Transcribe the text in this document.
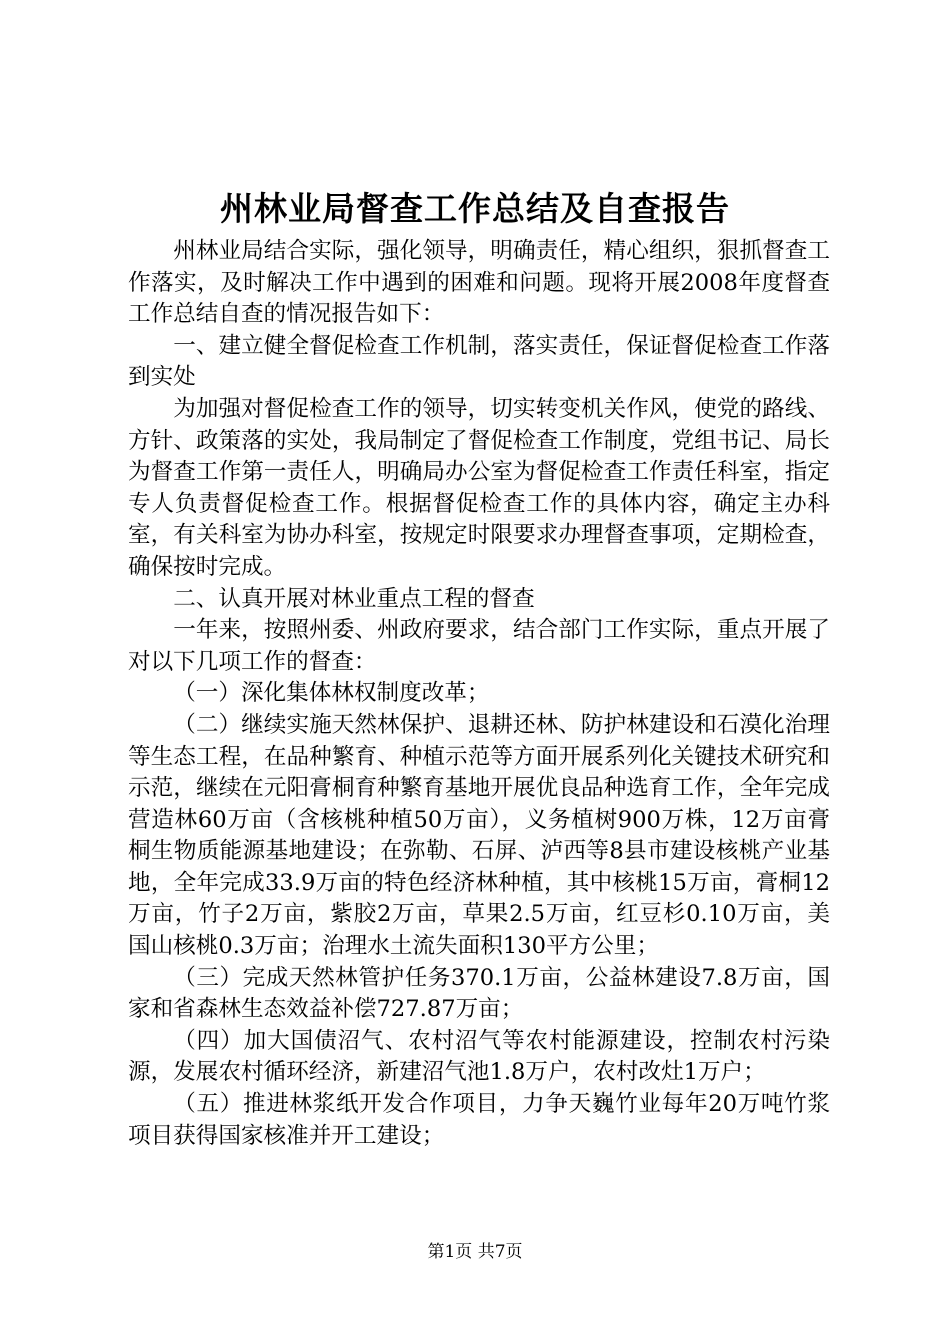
州林业局督查工作总结及自查报告

州林业局结合实际，强化领导，明确责任，精心组织，狠抓督查工作落实，及时解决工作中遇到的困难和问题。现将开展2008年度督查工作总结自查的情况报告如下：

一、建立健全督促检查工作机制，落实责任，保证督促检查工作落到实处

为加强对督促检查工作的领导，切实转变机关作风，使党的路线、方针、政策落的实处，我局制定了督促检查工作制度，党组书记、局长为督查工作第一责任人，明确局办公室为督促检查工作责任科室，指定专人负责督促检查工作。根据督促检查工作的具体内容，确定主办科室，有关科室为协办科室，按规定时限要求办理督查事项，定期检查，确保按时完成。

二、认真开展对林业重点工程的督查

一年来，按照州委、州政府要求，结合部门工作实际，重点开展了对以下几项工作的督查：

（一）深化集体林权制度改革；

（二）继续实施天然林保护、退耕还林、防护林建设和石漠化治理等生态工程，在品种繁育、种植示范等方面开展系列化关键技术研究和示范，继续在元阳膏桐育种繁育基地开展优良品种选育工作，全年完成营造林60万亩（含核桃种植50万亩），义务植树900万株，12万亩膏桐生物质能源基地建设；在弥勒、石屏、泸西等8县市建设核桃产业基地，全年完成33.9万亩的特色经济林种植，其中核桃15万亩，膏桐12万亩，竹子2万亩，紫胶2万亩，草果2.5万亩，红豆杉0.10万亩，美国山核桃0.3万亩；治理水土流失面积130平方公里；

（三）完成天然林管护任务370.1万亩，公益林建设7.8万亩，国家和省森林生态效益补偿727.87万亩；

（四）加大国债沼气、农村沼气等农村能源建设，控制农村污染源，发展农村循环经济，新建沼气池1.8万户，农村改灶1万户；

（五）推进林浆纸开发合作项目，力争天巍竹业每年20万吨竹浆项目获得国家核准并开工建设；

第1页 共7页
